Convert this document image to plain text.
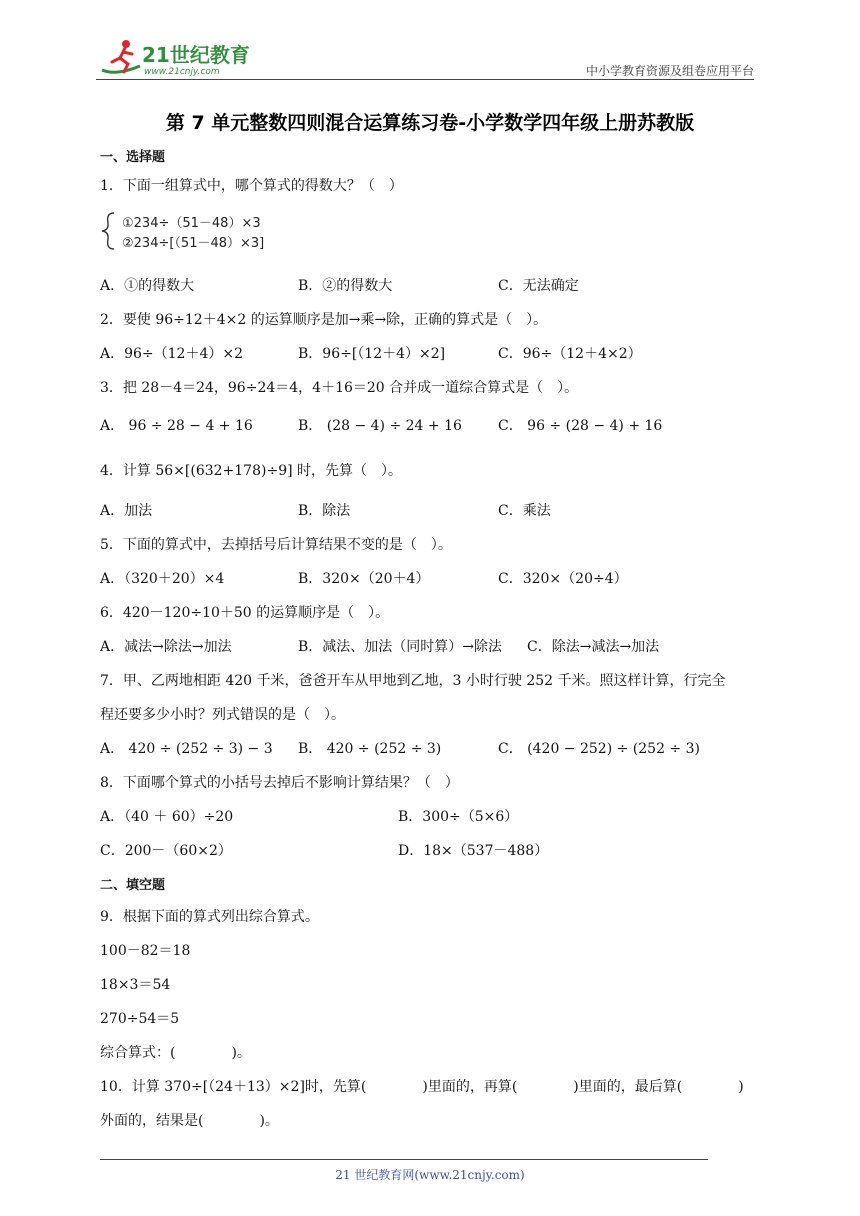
21世纪教育
www.21cnjy.com	中小学教育资源及组卷应用平台
第 7 单元整数四则混合运算练习卷-小学数学四年级上册苏教版
一、选择题
1．下面一组算式中，哪个算式的得数大？（　）
①234÷（51－48）×3
②234÷[（51－48）×3]
A．①的得数大	B．②的得数大	C．无法确定
2．要使 96÷12＋4×2 的运算顺序是加→乘→除，正确的算式是（　）。
A．96÷（12＋4）×2	B．96÷[（12＋4）×2]	C．96÷（12＋4×2）
3．把 28－4＝24，96÷24＝4，4＋16＝20 合并成一道综合算式是（　）。
A． 96 ÷ 28 − 4 + 16	B． (28 − 4) ÷ 24 + 16	C． 96 ÷ (28 − 4) + 16
4．计算 56×[(632+178)÷9] 时，先算（　）。
A．加法	B．除法	C．乘法
5．下面的算式中，去掉括号后计算结果不变的是（　）。
A．（320＋20）×4	B．320×（20＋4）	C．320×（20÷4）
6．420－120÷10＋50 的运算顺序是（　）。
A．减法→除法→加法	B．减法、加法（同时算）→除法 C．除法→减法→加法
7．甲、乙两地相距 420 千米，爸爸开车从甲地到乙地，3 小时行驶 252 千米。照这样计算，行完全
程还要多少小时？列式错误的是（　）。
A． 420 ÷ (252 ÷ 3) − 3 B． 420 ÷ (252 ÷ 3)	C． (420 − 252) ÷ (252 ÷ 3)
8．下面哪个算式的小括号去掉后不影响计算结果？（　）
A．（40 ＋ 60）÷20	B．300÷（5×6）
C．200－（60×2）	D．18×（537－488）
二、填空题
9．根据下面的算式列出综合算式。
100－82＝18
18×3＝54
270÷54＝5
综合算式：(　　　　)。
10．计算 370÷[（24＋13）×2]时，先算(　　　　)里面的，再算(　　　　)里面的，最后算(　　　　)
外面的，结果是(　　　　)。
21 世纪教育网(www.21cnjy.com)
